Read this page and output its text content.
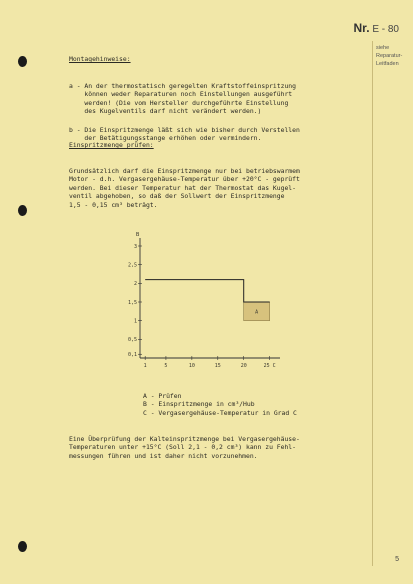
Nr. E - 80
siehe Reparatur-Leitfaden
Montagehinweise:

a - An der thermostatisch geregelten Kraftstoffeinspritzung
können weder Reparaturen noch Einstellungen ausgeführt
werden! (Die vom Hersteller durchgeführte Einstellung
des Kugelventils darf nicht verändert werden.)

b - Die Einspritzmenge läßt sich wie bisher durch Verstellen
der Betätigungsstange erhöhen oder vermindern.
Einspritzmenge prüfen:

Grundsätzlich darf die Einspritzmenge nur bei betriebswarmem
Motor - d.h. Vergasergehäuse-Temperatur über +20°C - geprüft
werden. Bei dieser Temperatur hat der Thermostat das Kugel-
ventil abgehoben, so daß der Sollwert der Einspritzmenge
1,5 - 0,15 cm³ beträgt.
A
B
3
2,5
2
1,5
1
0,5
0,1
1	5	10	15	20	25 C

A - Prüfen
B - Einspritzmenge in cm³/Hub
C - Vergasergehäuse-Temperatur in Grad C

Eine Überprüfung der Kalteinspritzmenge bei Vergasergehäuse-
Temperaturen unter +15°C (Soll 2,1 - 0,2 cm³) kann zu Fehl-
messungen führen und ist daher nicht vorzunehmen.
5
